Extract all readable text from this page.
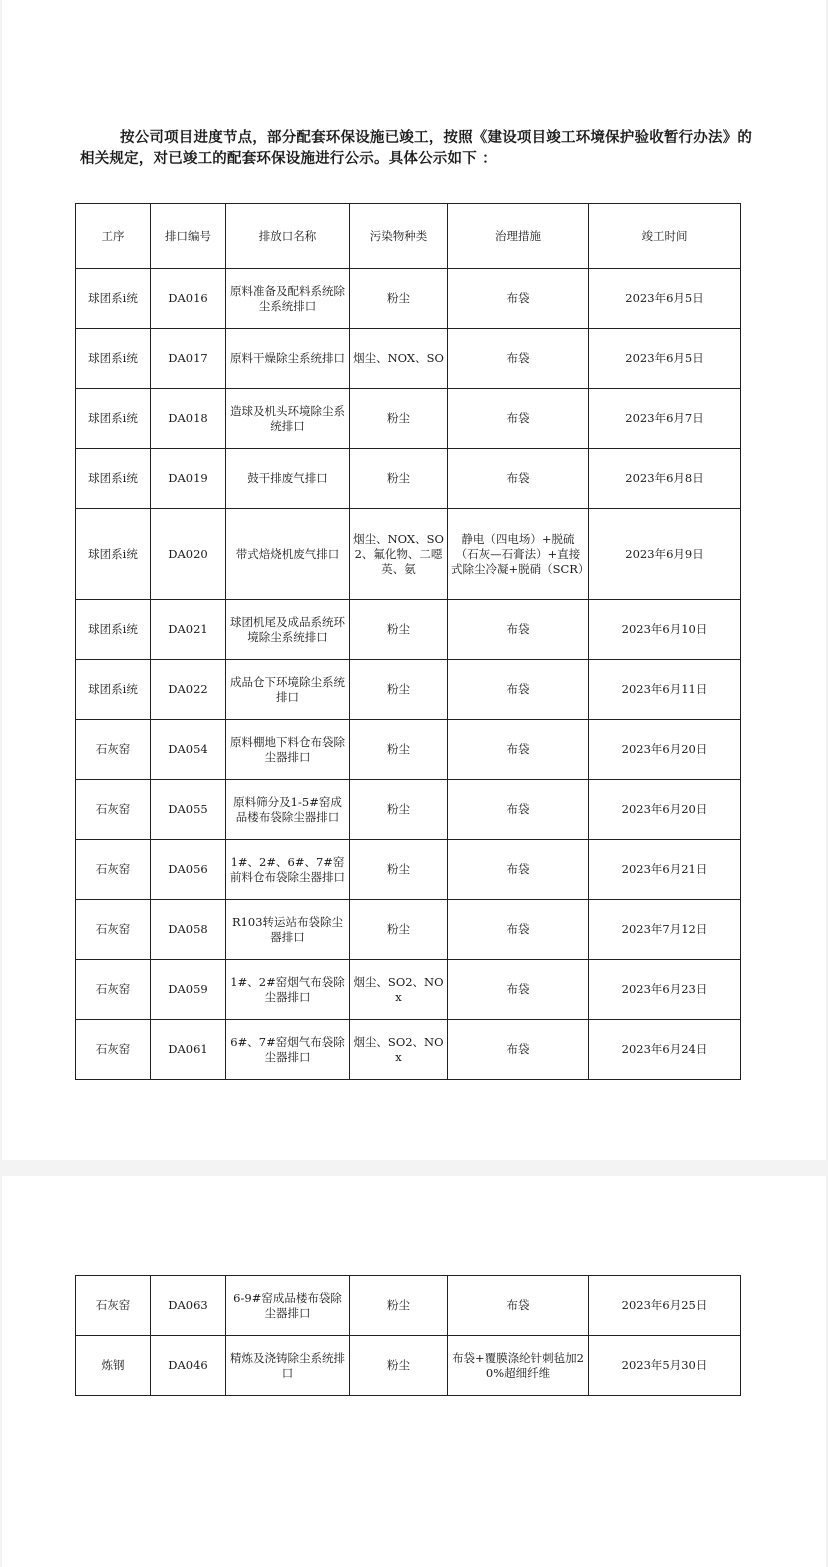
按公司项目进度节点，部分配套环保设施已竣工，按照《建设项目竣工环境保护验收暂行办法》的相关规定，对已竣工的配套环保设施进行公示。具体公示如下 ：

工序	排口编号	排放口名称	污染物种类	治理措施	竣工时间
球团系i统	DA016	原料准备及配料系统除尘系统排口	粉尘	布袋	2023年6月5日
球团系i统	DA017	原料干燥除尘系统排口	烟尘、NOX、SO	布袋	2023年6月5日
球团系i统	DA018	造球及机头环境除尘系统排口	粉尘	布袋	2023年6月7日
球团系i统	DA019	鼓干排废气排口	粉尘	布袋	2023年6月8日
球团系i统	DA020	带式焙烧机废气排口	烟尘、NOX、SO2、氟化物、二噁英、氨	静电（四电场）+脱硫（石灰—石膏法）+直接式除尘冷凝+脱硝（SCR）	2023年6月9日
球团系i统	DA021	球团机尾及成品系统环境除尘系统排口	粉尘	布袋	2023年6月10日
球团系i统	DA022	成品仓下环境除尘系统排口	粉尘	布袋	2023年6月11日
石灰窑	DA054	原料棚地下料仓布袋除尘器排口	粉尘	布袋	2023年6月20日
石灰窑	DA055	原料筛分及1-5#窑成品楼布袋除尘器排口	粉尘	布袋	2023年6月20日
石灰窑	DA056	1#、2#、6#、7#窑前料仓布袋除尘器排口	粉尘	布袋	2023年6月21日
石灰窑	DA058	R103转运站布袋除尘器排口	粉尘	布袋	2023年7月12日
石灰窑	DA059	1#、2#窑烟气布袋除尘器排口	烟尘、SO2、NOx	布袋	2023年6月23日
石灰窑	DA061	6#、7#窑烟气布袋除尘器排口	烟尘、SO2、NOx	布袋	2023年6月24日
石灰窑	DA063	6-9#窑成品楼布袋除尘器排口	粉尘	布袋	2023年6月25日
炼钢	DA046	精炼及浇铸除尘系统排口	粉尘	布袋+覆膜涤纶针刺毡加20%超细纤维	2023年5月30日
